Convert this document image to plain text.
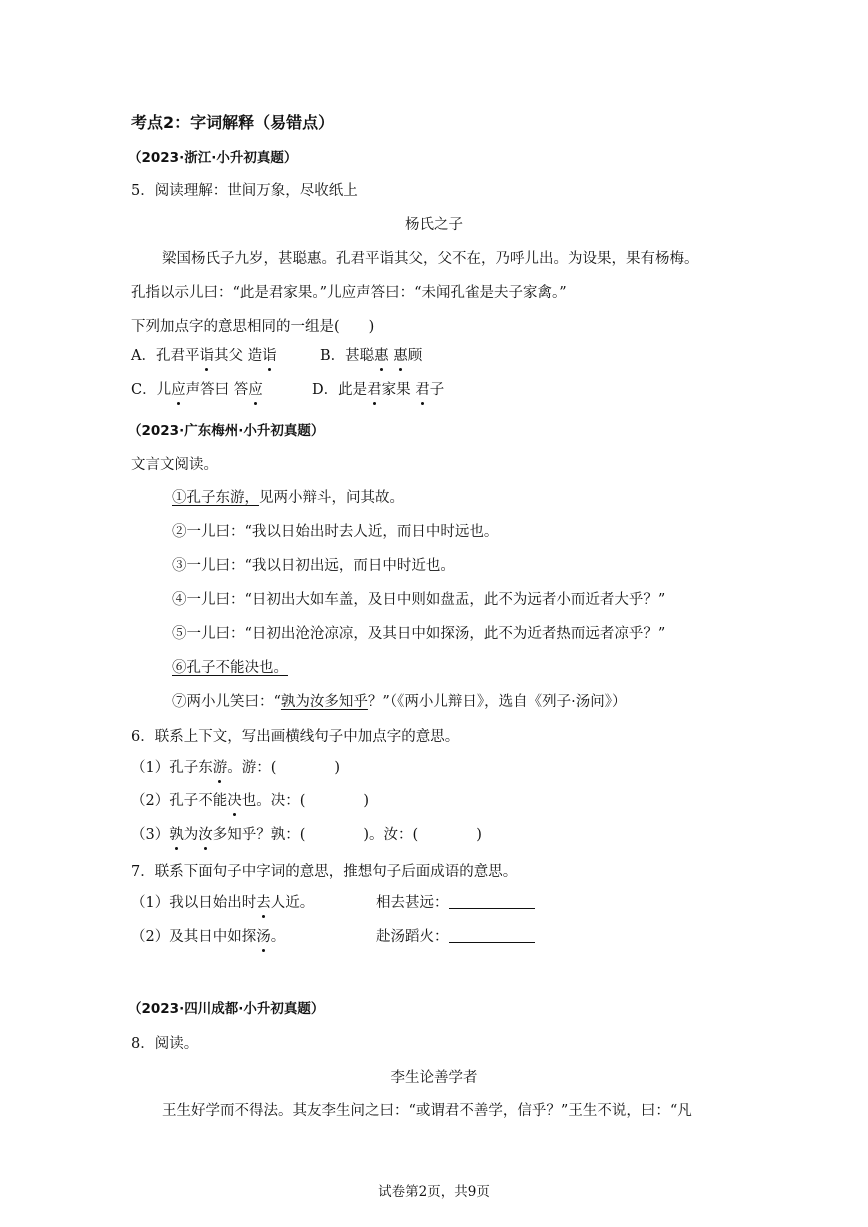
考点2：字词解释（易错点）
（2023·浙江·小升初真题）
5．阅读理解：世间万象，尽收纸上
杨氏之子
梁国杨氏子九岁，甚聪惠。孔君平诣其父，父不在，乃呼儿出。为设果，果有杨梅。
孔指以示儿曰：“此是君家果。”儿应声答曰：“未闻孔雀是夫子家禽。”
下列加点字的意思相同的一组是(　　)
A．孔君平诣其父 造诣	B．甚聪惠 惠顾
C．儿应声答曰 答应	D．此是君家果 君子
（2023·广东梅州·小升初真题）
文言文阅读。
①孔子东游，见两小辩斗，问其故。
②一儿曰：“我以日始出时去人近，而日中时远也。
③一儿曰：“我以日初出远，而日中时近也。
④一儿曰：“日初出大如车盖，及日中则如盘盂，此不为远者小而近者大乎？”
⑤一儿曰：“日初出沧沧凉凉，及其日中如探汤，此不为近者热而远者凉乎？”
⑥孔子不能决也。
⑦两小儿笑曰：“孰为汝多知乎？”（《两小儿辩日》，选自《列子·汤问》）
6．联系上下文，写出画横线句子中加点字的意思。
（1）孔子东游。游：(　　　　)
（2）孔子不能决也。决：(　　　　)
（3）孰为汝多知乎？孰：(　　　　)。汝：(　　　　)
7．联系下面句子中字词的意思，推想句子后面成语的意思。
（1）我以日始出时去人近。	相去甚远：
（2）及其日中如探汤。	赴汤蹈火：
（2023·四川成都·小升初真题）
8．阅读。
李生论善学者
王生好学而不得法。其友李生问之曰：“或谓君不善学，信乎？”王生不说，曰：“凡
试卷第2页，共9页
